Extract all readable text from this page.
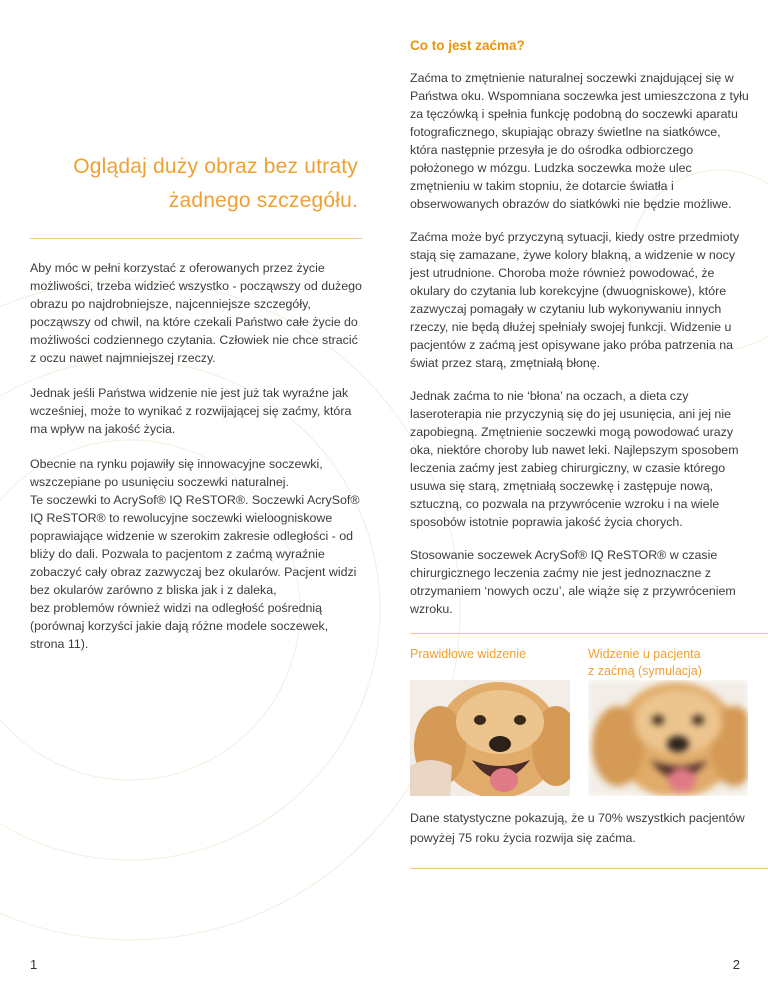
Oglądaj duży obraz bez utraty żadnego szczegółu.

Aby móc w pełni korzystać z oferowanych przez życie możliwości, trzeba widzieć wszystko - począwszy od dużego obrazu po najdrobniejsze, najcenniejsze szczegóły, począwszy od chwil, na które czekali Państwo całe życie do możliwości codziennego czytania. Człowiek nie chce stracić z oczu nawet najmniejszej rzeczy.

Jednak jeśli Państwa widzenie nie jest już tak wyraźne jak wcześniej, może to wynikać z rozwijającej się zaćmy, która ma wpływ na jakość życia.

Obecnie na rynku pojawiły się innowacyjne soczewki, wszczepiane po usunięciu soczewki naturalnej.
Te soczewki to AcrySof® IQ ReSTOR®. Soczewki AcrySof® IQ ReSTOR® to rewolucyjne soczewki wieloogniskowe poprawiające widzenie w szerokim zakresie odległości - od bliży do dali. Pozwala to pacjentom z zaćmą wyraźnie zobaczyć cały obraz zazwyczaj bez okularów. Pacjent widzi bez okularów zarówno z bliska jak i z daleka,
bez problemów również widzi na odległość pośrednią (porównaj korzyści jakie dają różne modele soczewek, strona 11).

Co to jest zaćma?

Zaćma to zmętnienie naturalnej soczewki znajdującej się w Państwa oku. Wspomniana soczewka jest umieszczona z tyłu za tęczówką i spełnia funkcję podobną do soczewki aparatu fotograficznego, skupiając obrazy świetlne na siatkówce, która następnie przesyła je do ośrodka odbiorczego położonego w mózgu. Ludzka soczewka może ulec zmętnieniu w takim stopniu, że dotarcie światła i obserwowanych obrazów do siatkówki nie będzie możliwe.

Zaćma może być przyczyną sytuacji, kiedy ostre przedmioty stają się zamazane, żywe kolory blakną, a widzenie w nocy jest utrudnione. Choroba może również powodować, że okulary do czytania lub korekcyjne (dwuogniskowe), które zazwyczaj pomagały w czytaniu lub wykonywaniu innych rzeczy, nie będą dłużej spełniały swojej funkcji. Widzenie u pacjentów z zaćmą jest opisywane jako próba patrzenia na świat przez starą, zmętniałą błonę.

Jednak zaćma to nie ‘błona’ na oczach, a dieta czy laseroterapia nie przyczynią się do jej usunięcia, ani jej nie zapobiegną. Zmętnienie soczewki mogą powodować urazy oka, niektóre choroby lub nawet leki. Najlepszym sposobem leczenia zaćmy jest zabieg chirurgiczny, w czasie którego usuwa się starą, zmętniałą soczewkę i zastępuje nową, sztuczną, co pozwala na przywrócenie wzroku i na wiele sposobów istotnie poprawia jakość życia chorych.

Stosowanie soczewek AcrySof® IQ ReSTOR® w czasie chirurgicznego leczenia zaćmy nie jest jednoznaczne z otrzymaniem ‘nowych oczu’, ale wiąże się z przywróceniem wzroku.

Prawidłowe widzenie	Widzenie u pacjenta
z zaćmą (symulacja)
Dane statystyczne pokazują, że u 70% wszystkich pacjentów powyżej 75 roku życia rozwija się zaćma.
1	2
